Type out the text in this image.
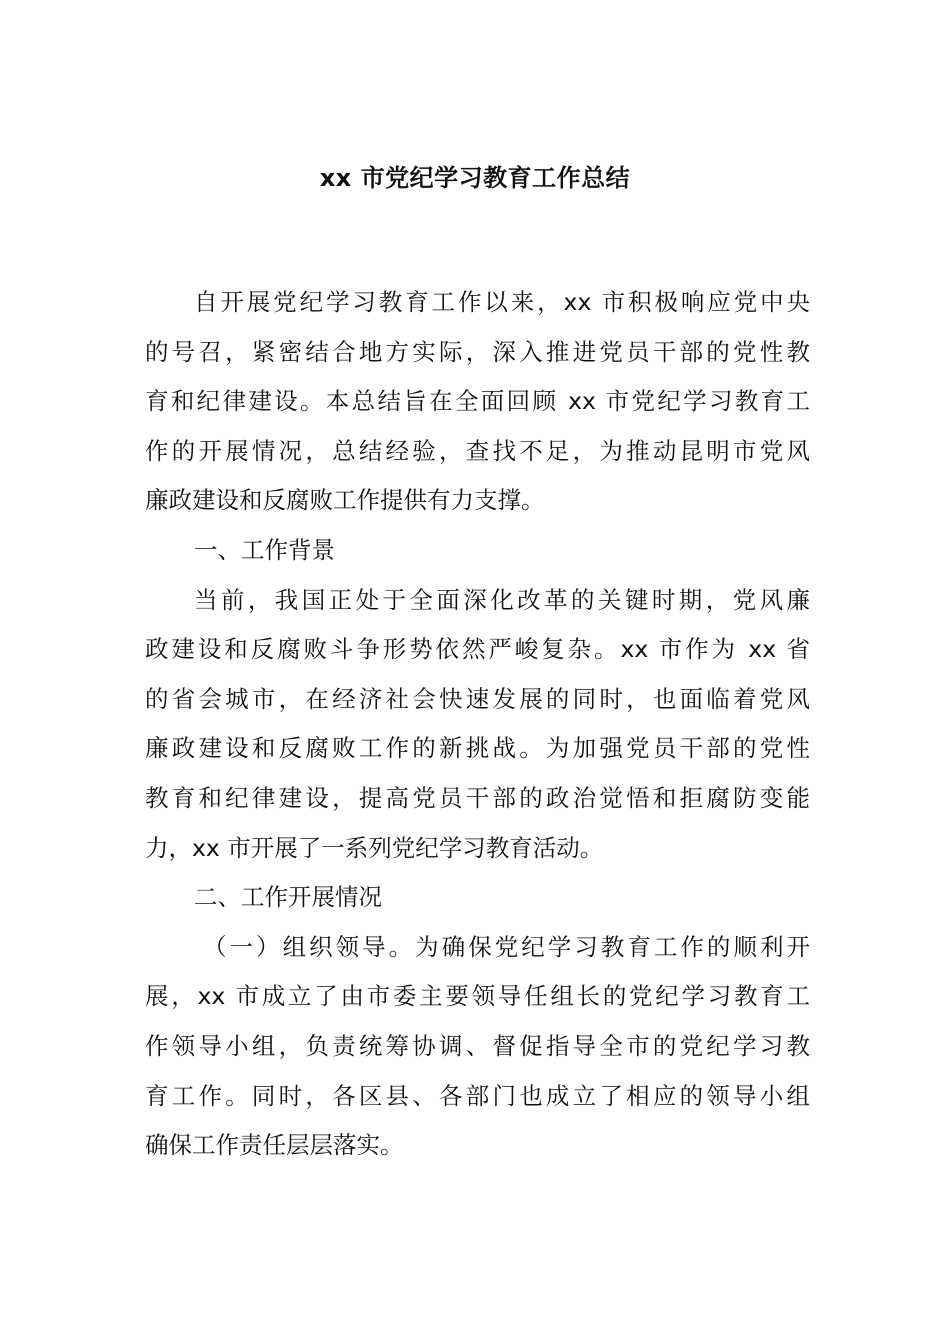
xx 市党纪学习教育工作总结
自开展党纪学习教育工作以来，xx 市积极响应党中央
的号召，紧密结合地方实际，深入推进党员干部的党性教
育和纪律建设。本总结旨在全面回顾 xx 市党纪学习教育工
作的开展情况，总结经验，查找不足，为推动昆明市党风
廉政建设和反腐败工作提供有力支撑。
一、工作背景
当前，我国正处于全面深化改革的关键时期，党风廉
政建设和反腐败斗争形势依然严峻复杂。xx 市作为 xx 省
的省会城市，在经济社会快速发展的同时，也面临着党风
廉政建设和反腐败工作的新挑战。为加强党员干部的党性
教育和纪律建设，提高党员干部的政治觉悟和拒腐防变能
力，xx 市开展了一系列党纪学习教育活动。
二、工作开展情况
（一）组织领导。为确保党纪学习教育工作的顺利开
展，xx 市成立了由市委主要领导任组长的党纪学习教育工
作领导小组，负责统筹协调、督促指导全市的党纪学习教
育工作。同时，各区县、各部门也成立了相应的领导小组
确保工作责任层层落实。
